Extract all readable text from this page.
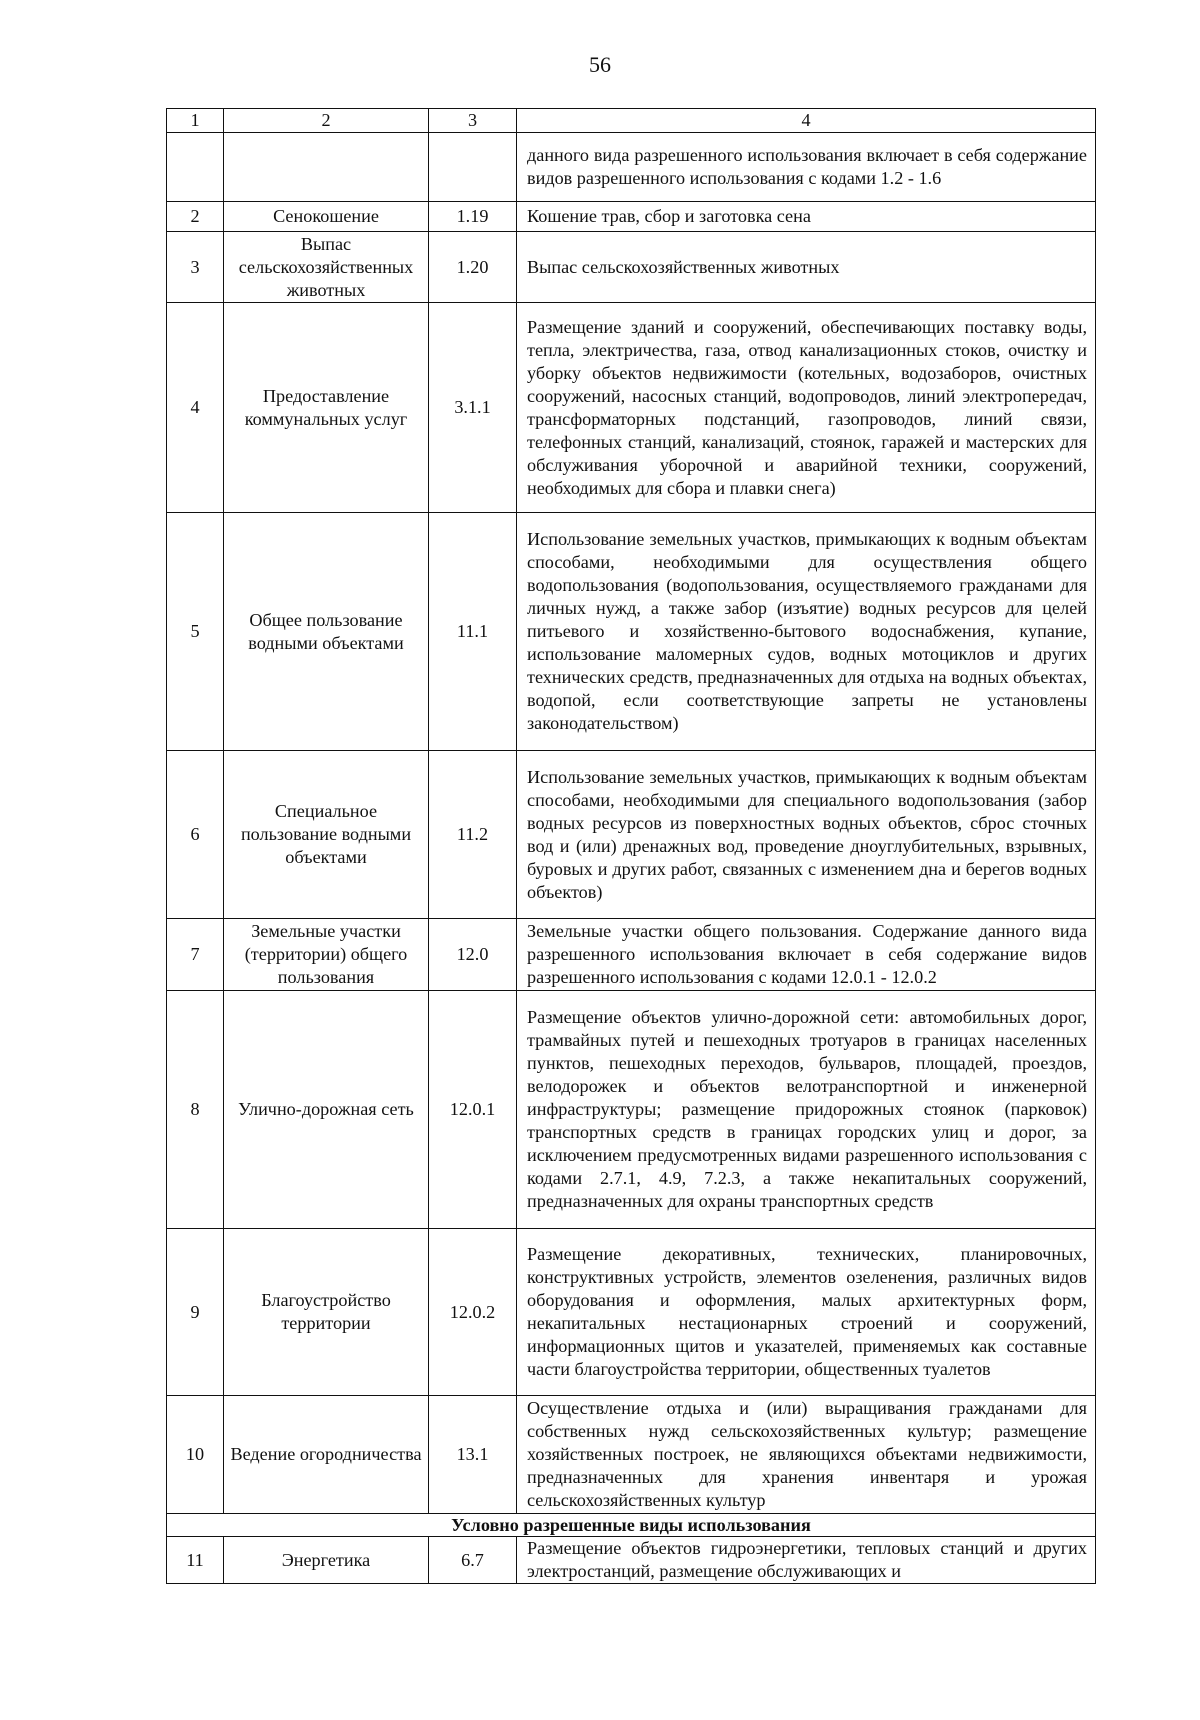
56
1	2	3	4
			данного вида разрешенного использования включает в себя содержание видов разрешенного использования с кодами 1.2 - 1.6
2	Сенокошение	1.19	Кошение трав, сбор и заготовка сена

3	Выпас сельскохозяйственных животных	1.20	Выпас сельскохозяйственных животных

4	Предоставление коммунальных услуг	3.1.1	Размещение зданий и сооружений, обеспечивающих поставку воды, тепла, электричества, газа, отвод канализационных стоков, очистку и уборку объектов недвижимости (котельных, водозаборов, очистных сооружений, насосных станций, водопроводов, линий электропередач, трансформаторных подстанций, газопроводов, линий связи, телефонных станций, канализаций, стоянок, гаражей и мастерских для обслуживания уборочной и аварийной техники, сооружений, необходимых для сбора и плавки снега)
5	Общее пользование водными объектами	11.1	Использование земельных участков, примыкающих к водным объектам способами, необходимыми для осуществления общего водопользования (водопользования, осуществляемого гражданами для личных нужд, а также забор (изъятие) водных ресурсов для целей питьевого и хозяйственно-бытового водоснабжения, купание, использование маломерных судов, водных мотоциклов и других технических средств, предназначенных для отдыха на водных объектах, водопой, если соответствующие запреты не установлены законодательством)
6	Специальное пользование водными объектами	11.2	Использование земельных участков, примыкающих к водным объектам способами, необходимыми для специального водопользования (забор водных ресурсов из поверхностных водных объектов, сброс сточных вод и (или) дренажных вод, проведение дноуглубительных, взрывных, буровых и других работ, связанных с изменением дна и берегов водных объектов)
7	Земельные участки (территории) общего пользования	12.0	Земельные участки общего пользования. Содержание данного вида разрешенного использования включает в себя содержание видов разрешенного использования с кодами 12.0.1 - 12.0.2
8	Улично-дорожная сеть	12.0.1	Размещение объектов улично-дорожной сети: автомобильных дорог, трамвайных путей и пешеходных тротуаров в границах населенных пунктов, пешеходных переходов, бульваров, площадей, проездов, велодорожек и объектов велотранспортной и инженерной инфраструктуры; размещение придорожных стоянок (парковок) транспортных средств в границах городских улиц и дорог, за исключением предусмотренных видами разрешенного использования с кодами 2.7.1, 4.9, 7.2.3, а также некапитальных сооружений, предназначенных для охраны транспортных средств
9	Благоустройство территории	12.0.2	Размещение декоративных, технических, планировочных, конструктивных устройств, элементов озеленения, различных видов оборудования и оформления, малых архитектурных форм, некапитальных нестационарных строений и сооружений, информационных щитов и указателей, применяемых как составные части благоустройства территории, общественных туалетов
10	Ведение огородничества	13.1	Осуществление отдыха и (или) выращивания гражданами для собственных нужд сельскохозяйственных культур; размещение хозяйственных построек, не являющихся объектами недвижимости, предназначенных для хранения инвентаря и урожая сельскохозяйственных культур
Условно разрешенные виды использования			
11	Энергетика	6.7	Размещение объектов гидроэнергетики, тепловых станций и других электростанций, размещение обслуживающих и
